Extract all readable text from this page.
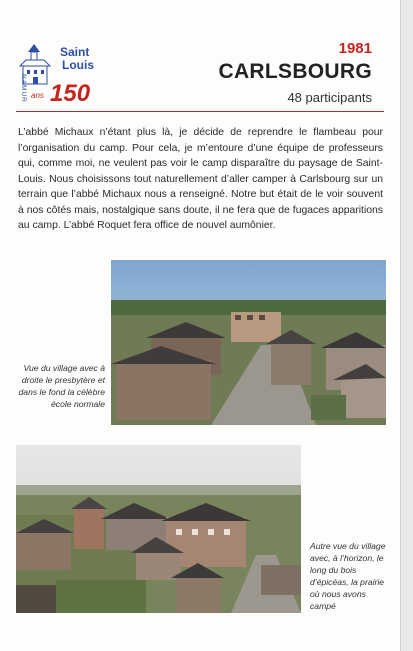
Saint
Louis
NAMUR ans 150
1981
CARLSBOURG
48 participants

L’abbé Michaux n’étant plus là, je décide de reprendre le flambeau pour l’organisation du camp. Pour cela, je m’entoure d’une équipe de professeurs qui, comme moi, ne veulent pas voir le camp disparaître du paysage de Saint-Louis. Nous choisissons tout naturellement d’aller camper à Carlsbourg sur un terrain que l’abbé Michaux nous a renseigné. Notre but était de le voir souvent à nos côtés mais, nostalgique sans doute, il ne fera que de fugaces apparitions au camp. L’abbé Roquet fera office de nouvel aumônier.

Vue du village avec à droite le presbytère et dans le fond la célèbre école normale

Autre vue du village avec, à l’horizon, le long du bois d’épicéas, la prairie où nous avons campé
